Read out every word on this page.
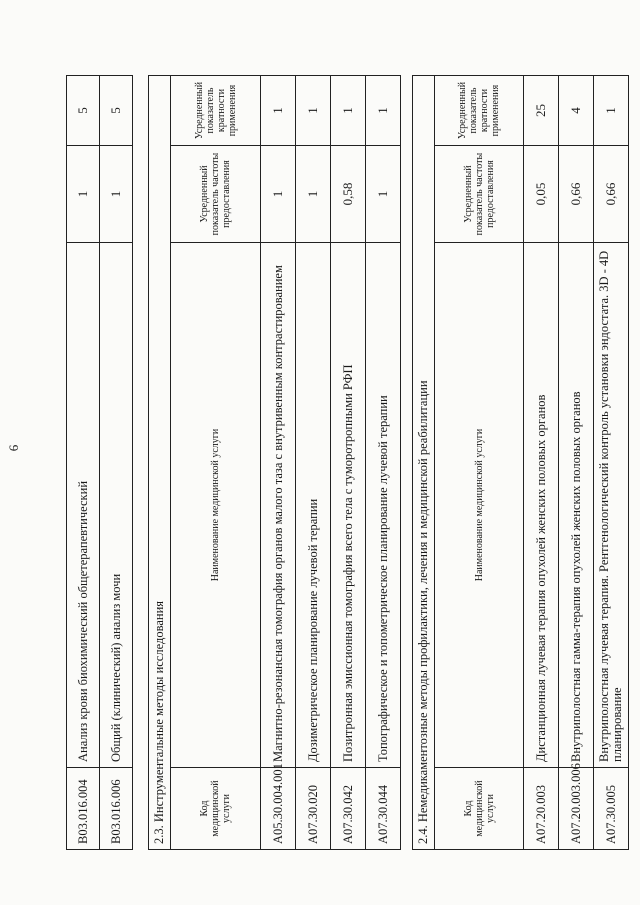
6
B03.016.004	Анализ крови биохимический общетерапевтический	1	5
B03.016.006	Общий (клинический) анализ мочи	1	5
2.3. Инструментальные методы исследования			
Код медицинской услуги	Наименование медицинской услуги	Усредненный показатель частоты предоставления	Усредненный показатель кратности применения
A05.30.004.001	Магнитно-резонансная томография органов малого таза с внутривенным контрастированием	1	1
A07.30.020	Дозиметрическое планирование лучевой терапии	1	1
A07.30.042	Позитронная эмиссионная томография всего тела с туморотропными РФП	0,58	1
A07.30.044	Топографическое и топометрическое планирование лучевой терапии	1	1
2.4. Немедикаментозные методы профилактики, лечения и медицинской реабилитации			
Код медицинской услуги	Наименование медицинской услуги	Усредненный показатель частоты предоставления	Усредненный показатель кратности применения
A07.20.003	Дистанционная лучевая терапия опухолей женских половых органов	0,05	25
A07.20.003.006	Внутриполостная гамма-терапия опухолей женских половых органов	0,66	4
A07.30.005	Внутриполостная лучевая терапия. Рентгенологический контроль установки эндостата. 3D - 4D планирование	0,66	1
